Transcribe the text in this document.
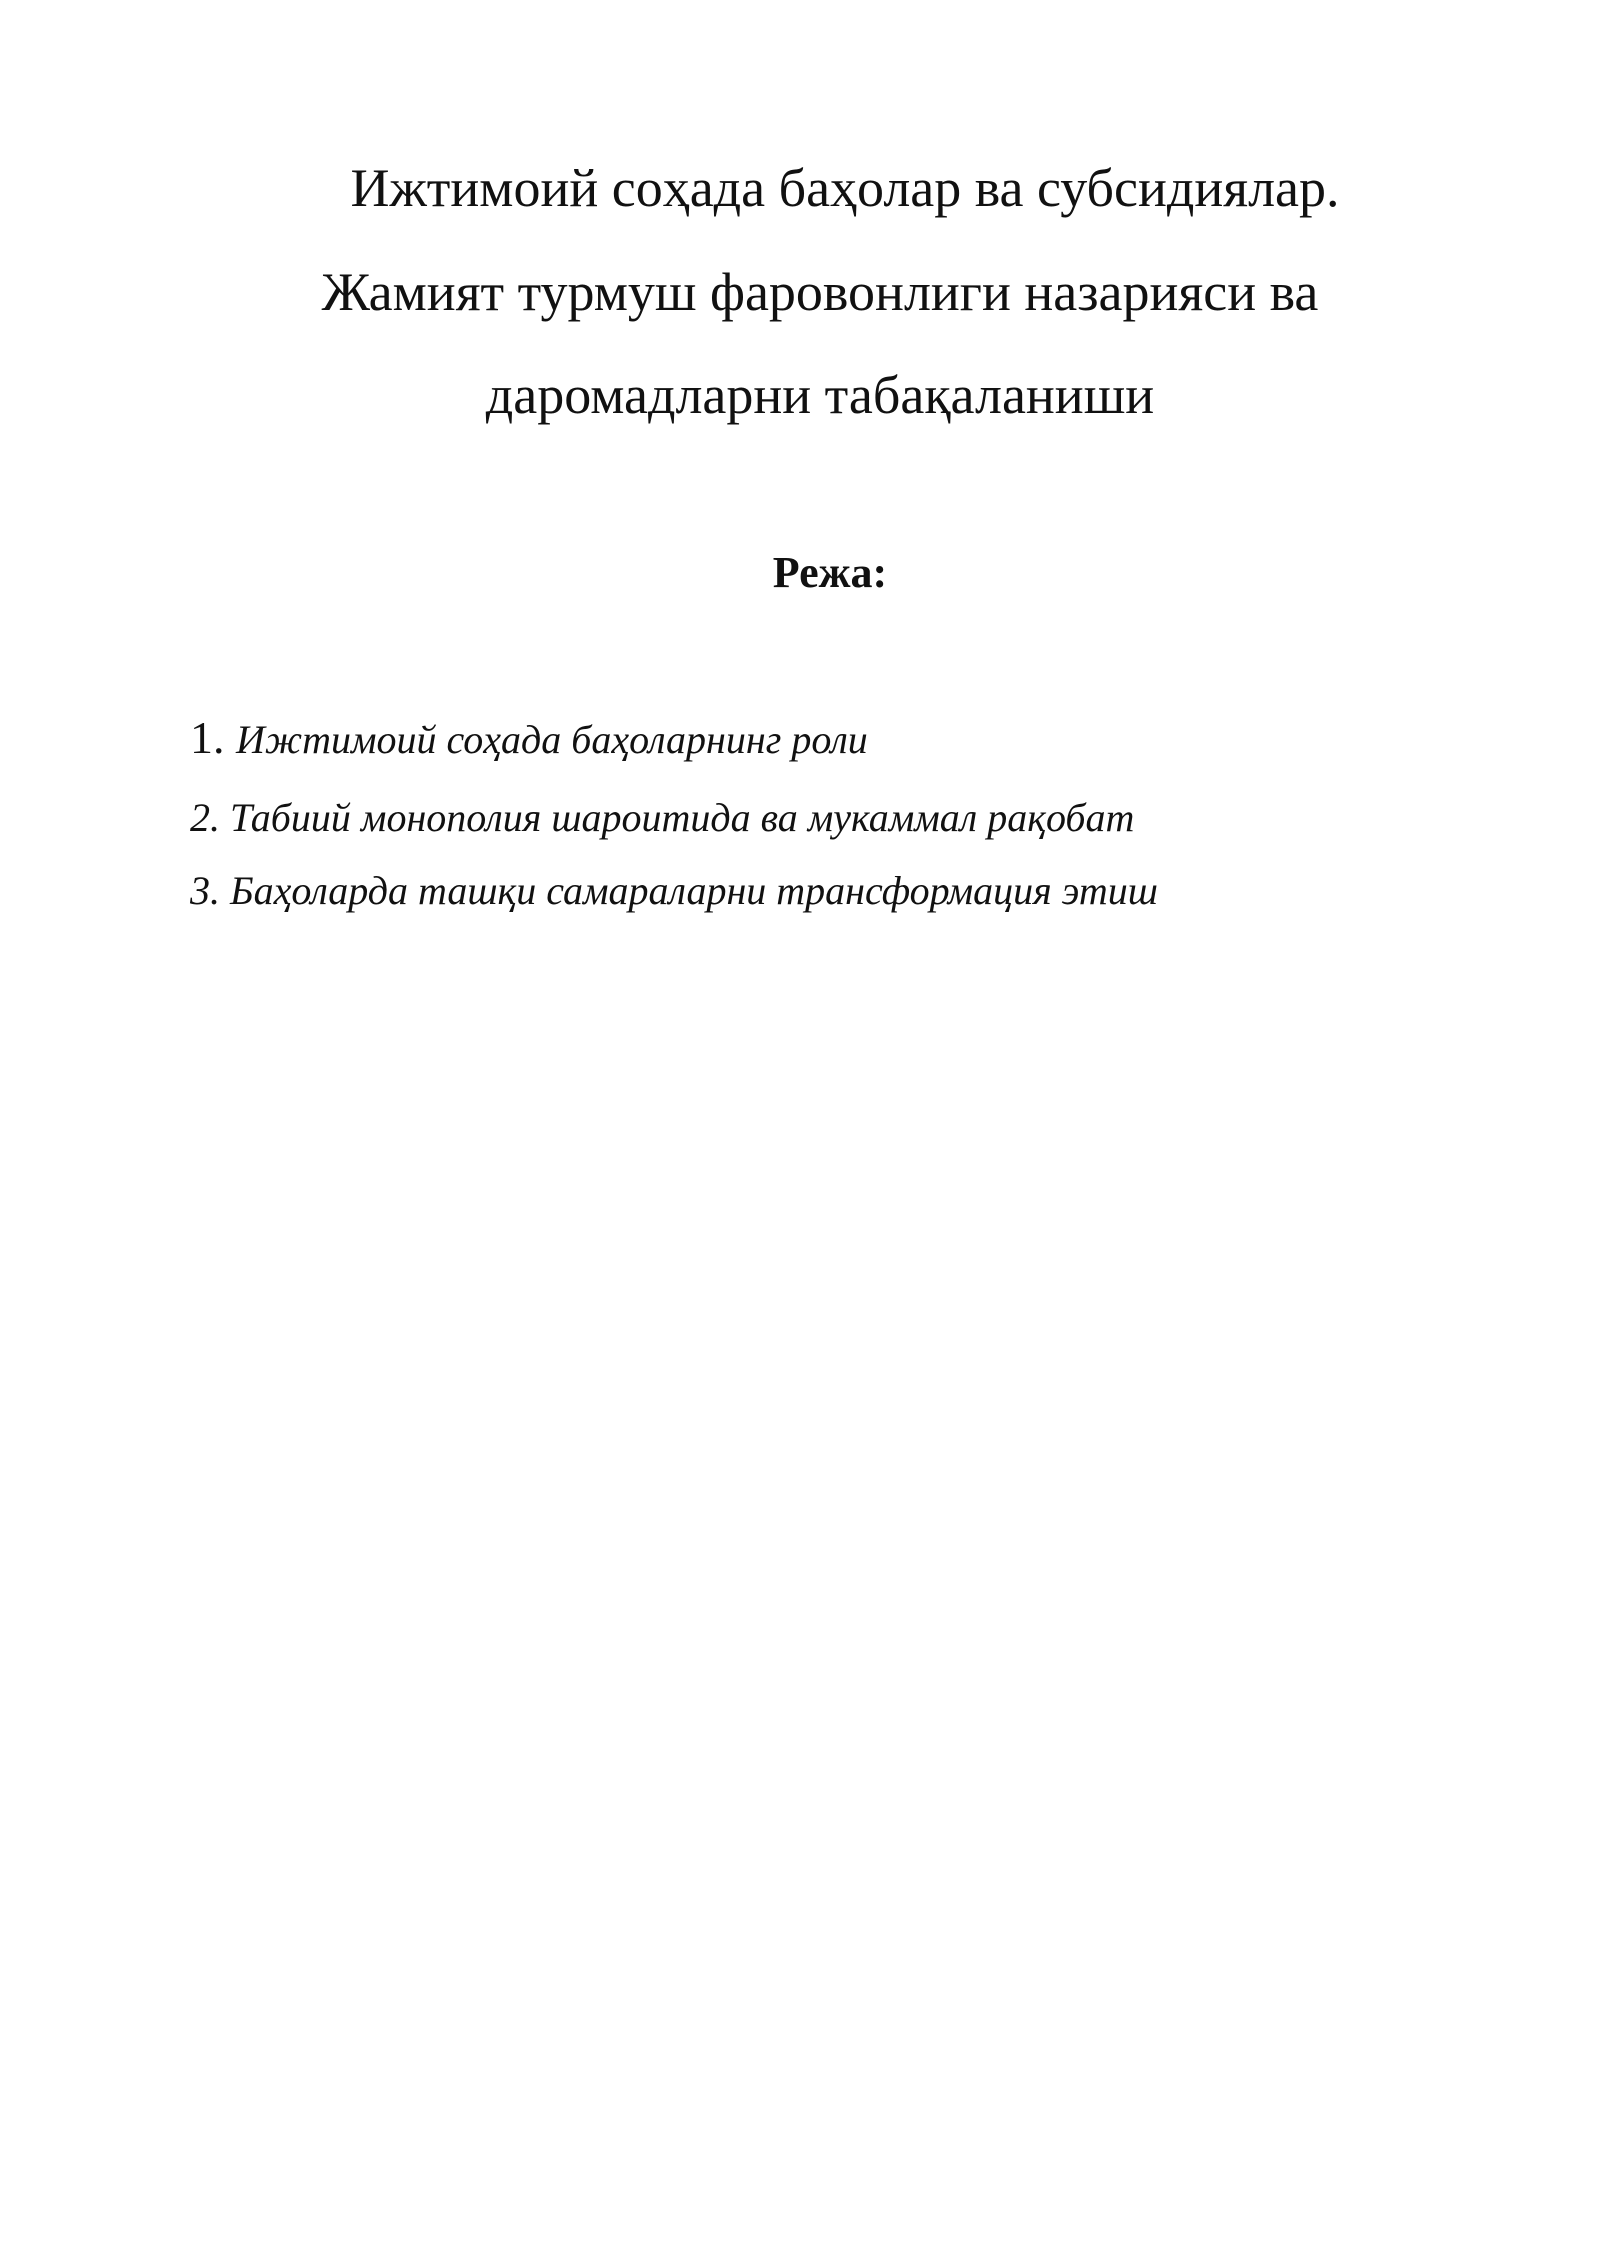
Ижтимоий соҳада баҳолар ва субсидиялар.
Жамият турмуш фаровонлиги назарияси ва
даромадларни табақаланиши
Режа:
1. Ижтимоий соҳада баҳоларнинг роли
2. Табиий монополия шароитида ва мукаммал рақобат
3. Баҳоларда ташқи самараларни трансформация этиш
